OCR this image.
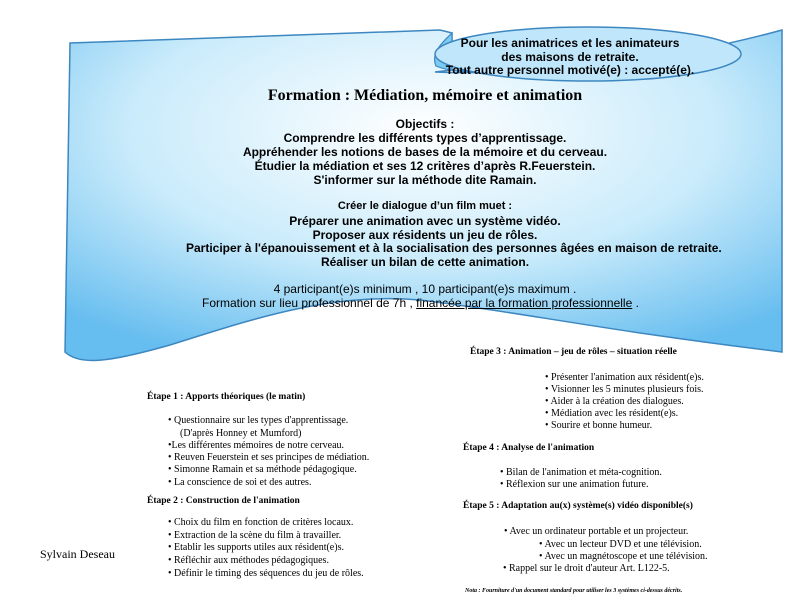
Pour les animatrices et les animateurs
des maisons de retraite.
Tout autre personnel motivé(e) : accepté(e).
Formation : Médiation, mémoire et animation
Objectifs :
Comprendre les différents types d’apprentissage.
Appréhender les notions de bases de la mémoire et du cerveau.
Étudier la médiation et ses 12 critères d’après R.Feuerstein.
S'informer sur la méthode dite Ramain.
Créer le dialogue d’un film muet :
Préparer une animation avec un système vidéo.
Proposer aux résidents un jeu de rôles.
Participer à l'épanouissement et à la socialisation des personnes âgées en maison de retraite.
Réaliser un bilan de cette animation.
4 participant(e)s minimum , 10 participant(e)s maximum .
Formation sur lieu professionnel de 7h , financée par la formation professionnelle .
Étape 1 : Apports théoriques (le matin)
• Questionnaire sur les types d'apprentissage.
(D'après Honney et Mumford)
•Les différentes mémoires de notre cerveau.
• Reuven Feuerstein et ses principes de médiation.
• Simonne Ramain et sa méthode pédagogique.
• La conscience de soi et des autres.
Étape 2 : Construction de l'animation
• Choix du film en fonction de critères locaux.
• Extraction de la scène du film à travailler.
• Etablir les supports utiles aux résident(e)s.
• Réfléchir aux méthodes pédagogiques.
• Définir le timing des séquences du jeu de rôles.
Sylvain Deseau
Étape 3 : Animation – jeu de rôles – situation réelle
• Présenter l'animation aux résident(e)s.
• Visionner les 5 minutes plusieurs fois.
• Aider à la création des dialogues.
• Médiation avec les résident(e)s.
• Sourire et bonne humeur.
Étape 4 : Analyse de l'animation
• Bilan de l'animation et méta-cognition.
• Réflexion sur une animation future.
Étape 5 : Adaptation au(x) système(s) vidéo disponible(s)
• Avec un ordinateur portable et un projecteur.
• Avec un lecteur DVD et une télévision.
• Avec un magnétoscope et une télévision.
• Rappel sur le droit d'auteur Art. L122-5.
Nota : Fourniture d'un document standard pour utiliser les 3 systèmes ci-dessus décrits.
